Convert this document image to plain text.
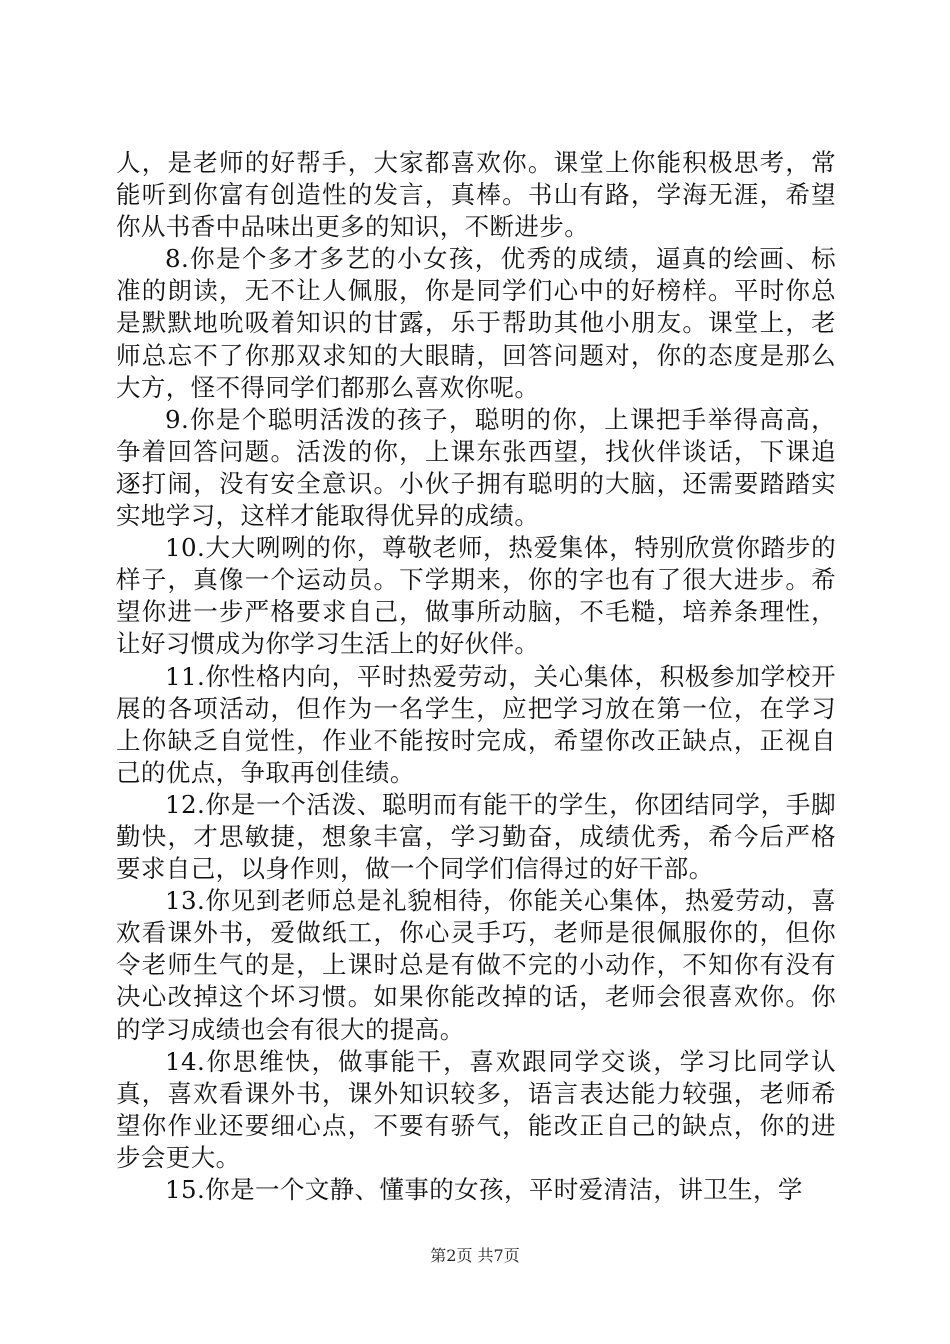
人，是老师的好帮手，大家都喜欢你。课堂上你能积极思考，常能听到你富有创造性的发言，真棒。书山有路，学海无涯，希望你从书香中品味出更多的知识，不断进步。

8.你是个多才多艺的小女孩，优秀的成绩，逼真的绘画、标准的朗读，无不让人佩服，你是同学们心中的好榜样。平时你总是默默地吮吸着知识的甘露，乐于帮助其他小朋友。课堂上，老师总忘不了你那双求知的大眼睛，回答问题对，你的态度是那么大方，怪不得同学们都那么喜欢你呢。

9.你是个聪明活泼的孩子，聪明的你，上课把手举得高高，争着回答问题。活泼的你，上课东张西望，找伙伴谈话，下课追逐打闹，没有安全意识。小伙子拥有聪明的大脑，还需要踏踏实实地学习，这样才能取得优异的成绩。

10.大大咧咧的你，尊敬老师，热爱集体，特别欣赏你踏步的样子，真像一个运动员。下学期来，你的字也有了很大进步。希望你进一步严格要求自己，做事所动脑，不毛糙，培养条理性，让好习惯成为你学习生活上的好伙伴。

11.你性格内向，平时热爱劳动，关心集体，积极参加学校开展的各项活动，但作为一名学生，应把学习放在第一位，在学习上你缺乏自觉性，作业不能按时完成，希望你改正缺点，正视自己的优点，争取再创佳绩。

12.你是一个活泼、聪明而有能干的学生，你团结同学，手脚勤快，才思敏捷，想象丰富，学习勤奋，成绩优秀，希今后严格要求自己，以身作则，做一个同学们信得过的好干部。

13.你见到老师总是礼貌相待，你能关心集体，热爱劳动，喜欢看课外书，爱做纸工，你心灵手巧，老师是很佩服你的，但你令老师生气的是，上课时总是有做不完的小动作，不知你有没有决心改掉这个坏习惯。如果你能改掉的话，老师会很喜欢你。你的学习成绩也会有很大的提高。

14.你思维快，做事能干，喜欢跟同学交谈，学习比同学认真，喜欢看课外书，课外知识较多，语言表达能力较强，老师希望你作业还要细心点，不要有骄气，能改正自己的缺点，你的进步会更大。

15.你是一个文静、懂事的女孩，平时爱清洁，讲卫生，学

第2页 共7页
